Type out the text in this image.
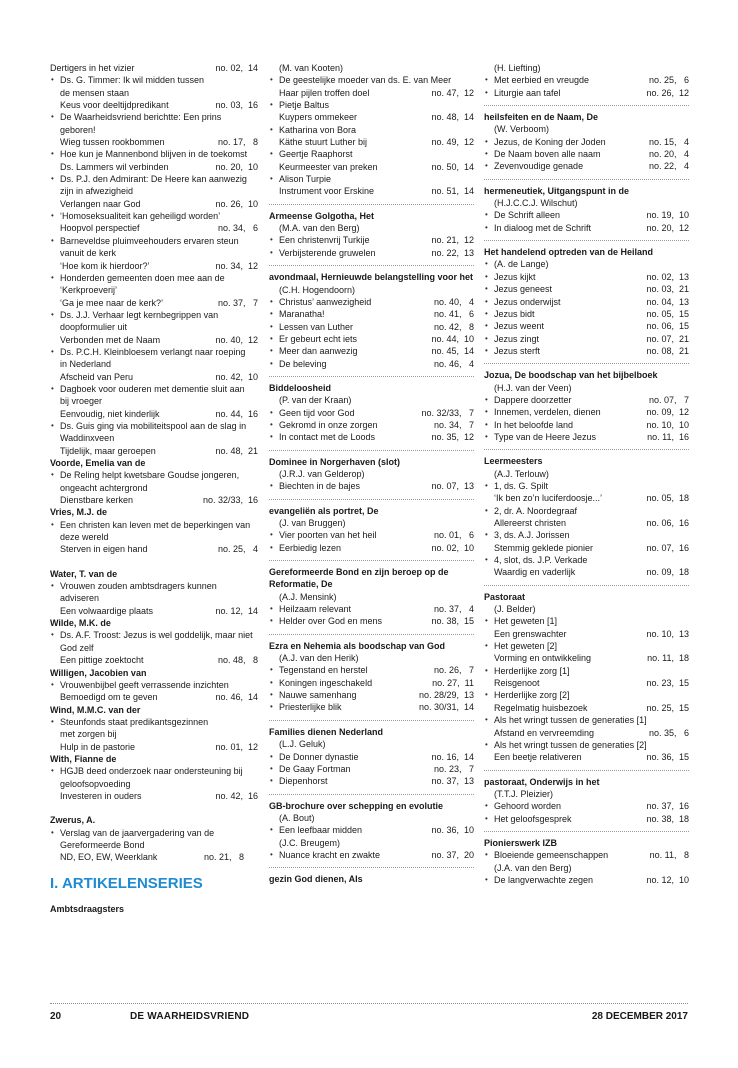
Dertigers in het vizier	no. 02,  14
• Ds. G. Timmer: Ik wil midden tussen
de mensen staan
Keus voor deeltijdpredikant	no. 03,  16
• De Waarheidsvriend berichtte: Een prins
geboren!
Wieg tussen rookbommen	no. 17,   8
• Hoe kun je Mannenbond blijven in de toekomst
Ds. Lammers wil verbinden	no. 20,  10
• Ds. P.J. den Admirant: De Heere kan aanwezig
zijn in afwezigheid
Verlangen naar God	no. 26,  10
• ‘Homoseksualiteit kan geheiligd worden’
Hoopvol perspectief	no. 34,   6
• Barneveldse pluimveehouders ervaren steun
vanuit de kerk
‘Hoe kom ik hierdoor?’	no. 34,  12
• Honderden gemeenten doen mee aan de
‘Kerkproeverij’
‘Ga je mee naar de kerk?’	no. 37,   7
• Ds. J.J. Verhaar legt kernbegrippen van
doopformulier uit
Verbonden met de Naam	no. 40,  12
• Ds. P.C.H. Kleinbloesem verlangt naar roeping
in Nederland
Afscheid van Peru	no. 42,  10
• Dagboek voor ouderen met dementie sluit aan
bij vroeger
Eenvoudig, niet kinderlijk	no. 44,  16
• Ds. Guis ging via mobiliteitspool aan de slag in
Waddinxveen
Tijdelijk, maar geroepen	no. 48,  21
Voorde, Emelia van de
• De Reling helpt kwetsbare Goudse jongeren,
ongeacht achtergrond
Dienstbare kerken	no. 32/33,  16
Vries, M.J. de
• Een christen kan leven met de beperkingen van
deze wereld
Sterven in eigen hand	no. 25,   4
Water, T. van de
• Vrouwen zouden ambtsdragers kunnen
adviseren
Een volwaardige plaats	no. 12,  14
Wilde, M.K. de
• Ds. A.F. Troost: Jezus is wel goddelijk, maar niet
God zelf
Een pittige zoektocht	no. 48,   8
Willigen, Jacobien van
• Vrouwenbijbel geeft verrassende inzichten
Bemoedigd om te geven	no. 46,  14
Wind, M.M.C. van der
• Steunfonds staat predikantsgezinnen
met zorgen bij
Hulp in de pastorie	no. 01,  12
With, Fianne de
• HGJB deed onderzoek naar ondersteuning bij
geloofsopvoeding
Investeren in ouders	no. 42,  16
Zwerus, A.
• Verslag van de jaarvergadering van de
Gereformeerde Bond
ND, EO, EW, Weerklank	no. 21,   8
I. ARTIKELENSERIES
Ambtsdraagsters
(M. van Kooten)
• De geestelijke moeder van ds. E. van Meer
Haar pijlen troffen doel	no. 47,  12
• Pietje Baltus
Kuypers ommekeer	no. 48,  14
• Katharina von Bora
Käthe stuurt Luther bij	no. 49,  12
• Geertje Raaphorst
Keurmeester van preken	no. 50,  14
• Alison Turpie
Instrument voor Erskine	no. 51,  14
Armeense Golgotha, Het
(M.A. van den Berg)
• Een christenvrij Turkije	no. 21,  12
• Verbijsterende gruwelen	no. 22,  13
avondmaal, Hernieuwde belangstelling voor het
(C.H. Hogendoorn)
• Christus’ aanwezigheid	no. 40,   4
• Maranatha!	no. 41,   6
• Lessen van Luther	no. 42,   8
• Er gebeurt echt iets	no. 44,  10
• Meer dan aanwezig	no. 45,  14
• De beleving	no. 46,   4
Biddeloosheid
(P. van der Kraan)
• Geen tijd voor God	no. 32/33,   7
• Gekromd in onze zorgen	no. 34,   7
• In contact met de Loods	no. 35,  12
Dominee in Norgerhaven (slot)
(J.R.J. van Gelderop)
• Biechten in de bajes	no. 07,  13
evangeliën als portret, De
(J. van Bruggen)
• Vier poorten van het heil	no. 01,   6
• Eerbiedig lezen	no. 02,  10
Gereformeerde Bond en zijn beroep op de
Reformatie, De
(A.J. Mensink)
• Heilzaam relevant	no. 37,   4
• Helder over God en mens	no. 38,  15
Ezra en Nehemia als boodschap van God
(A.J. van den Herik)
• Tegenstand en herstel	no. 26,   7
• Koningen ingeschakeld	no. 27,  11
• Nauwe samenhang	no. 28/29,  13
• Priesterlijke blik	no. 30/31,  14
Families dienen Nederland
(L.J. Geluk)
• De Donner dynastie	no. 16,  14
• De Gaay Fortman	no. 23,   7
• Diepenhorst	no. 37,  13
GB-brochure over schepping en evolutie
(A. Bout)
• Een leefbaar midden	no. 36,  10
(J.C. Breugem)
• Nuance kracht en zwakte	no. 37,  20
gezin God dienen, Als
(H. Liefting)
• Met eerbied en vreugde	no. 25,   6
• Liturgie aan tafel	no. 26,  12
heilsfeiten en de Naam, De
(W. Verboom)
• Jezus, de Koning der Joden	no. 15,   4
• De Naam boven alle naam	no. 20,   4
• Zevenvoudige genade	no. 22,   4
hermeneutiek, Uitgangspunt in de
(H.J.C.C.J. Wilschut)
• De Schrift alleen	no. 19,  10
• In dialoog met de Schrift	no. 20,  12
Het handelend optreden van de Heiland
• (A. de Lange)
• Jezus kijkt	no. 02,  13
• Jezus geneest	no. 03,  21
• Jezus onderwijst	no. 04,  13
• Jezus bidt	no. 05,  15
• Jezus weent	no. 06,  15
• Jezus zingt	no. 07,  21
• Jezus sterft	no. 08,  21
Jozua, De boodschap van het bijbelboek
(H.J. van der Veen)
• Dappere doorzetter	no. 07,   7
• Innemen, verdelen, dienen	no. 09,  12
• In het beloofde land	no. 10,  10
• Type van de Heere Jezus	no. 11,  16
Leermeesters
(A.J. Terlouw)
• 1, ds. G. Spilt
‘Ik ben zo’n luciferdoosje...’	no. 05,  18
• 2, dr. A. Noordegraaf
Allereerst christen	no. 06,  16
• 3, ds. A.J. Jorissen
Stemmig geklede pionier	no. 07,  16
• 4, slot, ds. J.P. Verkade
Waardig en vaderlijk	no. 09,  18
Pastoraat
(J. Belder)
• Het geweten [1]
Een grenswachter	no. 10,  13
• Het geweten [2]
Vorming en ontwikkeling	no. 11,  18
• Herderlijke zorg [1]
Reisgenoot	no. 23,  15
• Herderlijke zorg [2]
Regelmatig huisbezoek	no. 25,  15
• Als het wringt tussen de generaties [1]
Afstand en vervreemding	no. 35,   6
• Als het wringt tussen de generaties [2]
Een beetje relativeren	no. 36,  15
pastoraat, Onderwijs in het
(T.T.J. Pleizier)
• Gehoord worden	no. 37,  16
• Het geloofsgesprek	no. 38,  18
Pionierswerk IZB
• Bloeiende gemeenschappen	no. 11,   8
(J.A. van den Berg)
• De langverwachte zegen	no. 12,  10
20	DE WAARHEIDSVRIEND	28 DECEMBER 2017
